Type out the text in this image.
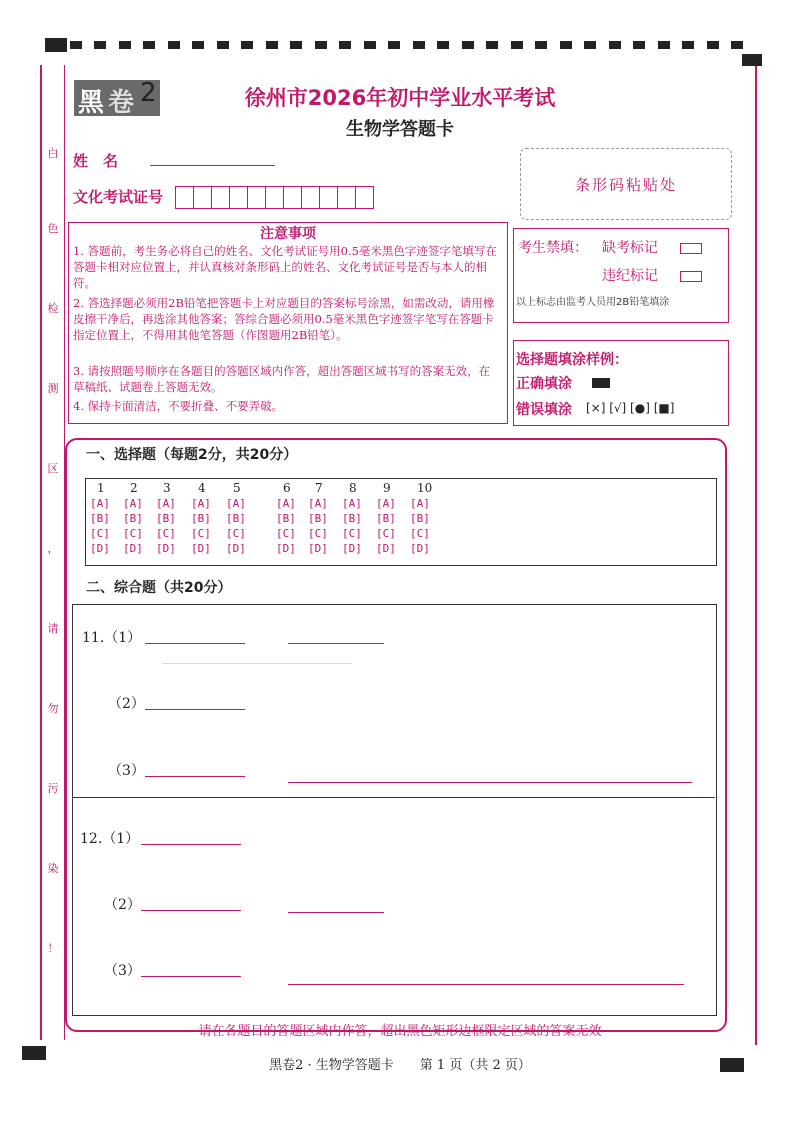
白
色
检
测
区
，
请
勿
污
染
！
黑 卷 2	徐州市2026年初中学业水平考试
生物学答题卡
姓　名
文化考试证号
条形码粘贴处
注意事项
1. 答题前，考生务必将自己的姓名、文化考试证号用0.5毫米黑色字迹签字笔填写在答题卡相对应位置上，并认真核对条形码上的姓名、文化考试证号是否与本人的相符。
2. 答选择题必须用2B铅笔把答题卡上对应题目的答案标号涂黑，如需改动，请用橡皮擦干净后，再选涂其他答案；答综合题必须用0.5毫米黑色字迹签字笔写在答题卡指定位置上，不得用其他笔答题（作图题用2B铅笔）。
3. 请按照题号顺序在各题目的答题区域内作答，超出答题区域书写的答案无效，在草稿纸、试题卷上答题无效。
4. 保持卡面清洁，不要折叠、不要弄破。
考生禁填： 缺考标记
违纪标记
以上标志由监考人员用2B铅笔填涂
选择题填涂样例：
正确填涂
错误填涂 [×] [√] [●] [■]
一、选择题（每题2分，共20分）
1
[A]
[B]
[C]
[D]
2
[A]
[B]
[C]
[D]
3
[A]
[B]
[C]
[D]
4
[A]
[B]
[C]
[D]
5
[A]
[B]
[C]
[D]
6
[A]
[B]
[C]
[D]
7
[A]
[B]
[C]
[D]
8
[A]
[B]
[C]
[D]
9
[A]
[B]
[C]
[D]
10
[A]
[B]
[C]
[D]
二、综合题（共20分）
11.（1）
（2）
（3）
12.（1）
（2）
（3）
请在各题目的答题区域内作答，超出黑色矩形边框限定区域的答案无效
黑卷2 · 生物学答题卡　　第 1 页（共 2 页）
